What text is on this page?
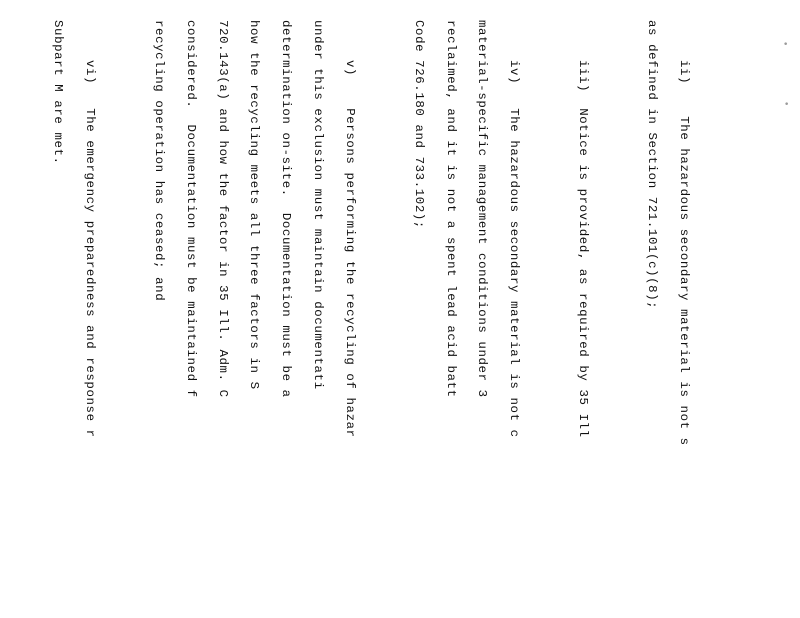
•
•

ii)    The hazardous secondary material is not s

as defined in Section 721.101(c)(8);

iii)  Notice is provided, as required by 35 Ill

iv)   The hazardous secondary material is not c

material-specific management conditions under 3

reclaimed, and it is not a spent lead acid batt

Code 726.180 and 733.102);

v)    Persons performing the recycling of hazar

under this exclusion must maintain documentati

determination on-site.  Documentation must be a

how the recycling meets all three factors in S

720.143(a) and how the factor in 35 Ill. Adm. C

considered.  Documentation must be maintained f

recycling operation has ceased; and

vi)   The emergency preparedness and response r

Subpart M are met.
